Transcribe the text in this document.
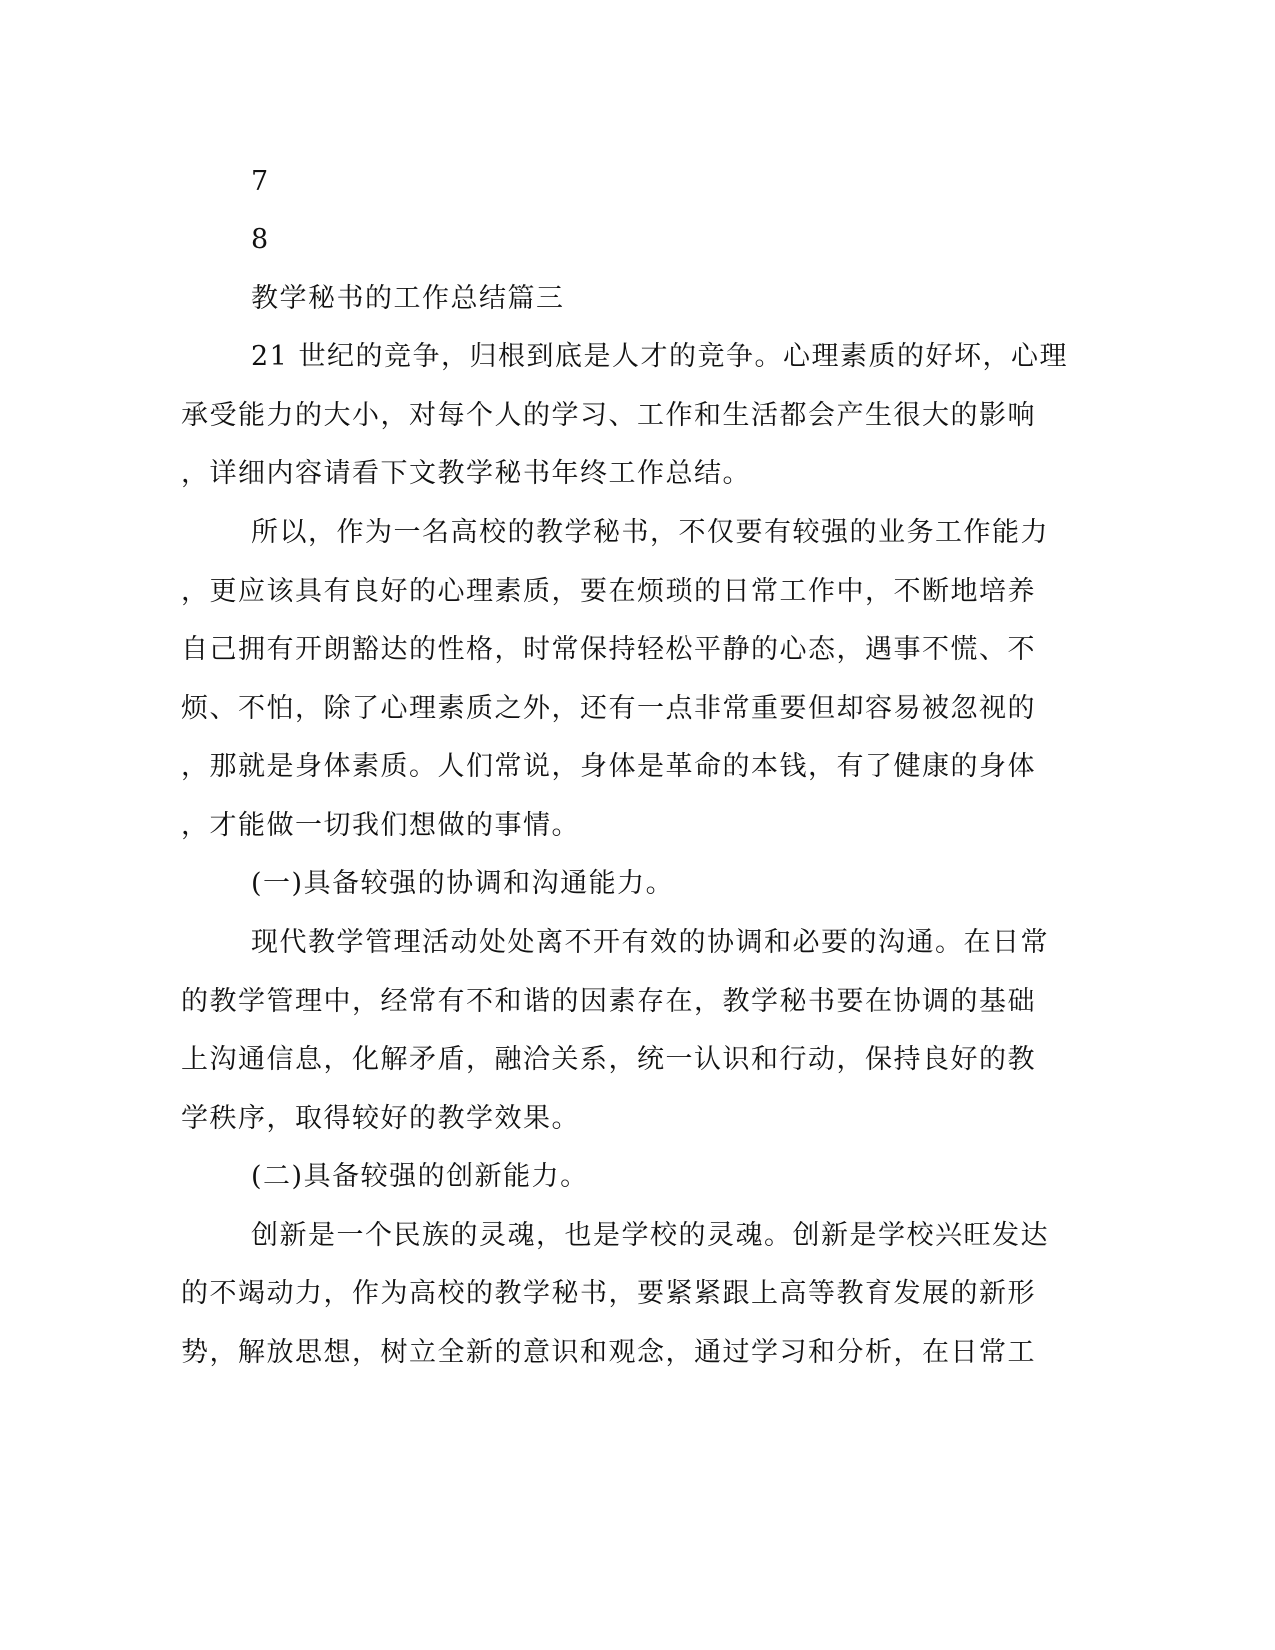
7
8
教学秘书的工作总结篇三
21 世纪的竞争，归根到底是人才的竞争。心理素质的好坏，心理
承受能力的大小，对每个人的学习、工作和生活都会产生很大的影响
，详细内容请看下文教学秘书年终工作总结。
所以，作为一名高校的教学秘书，不仅要有较强的业务工作能力
，更应该具有良好的心理素质，要在烦琐的日常工作中，不断地培养
自己拥有开朗豁达的性格，时常保持轻松平静的心态，遇事不慌、不
烦、不怕，除了心理素质之外，还有一点非常重要但却容易被忽视的
，那就是身体素质。人们常说，身体是革命的本钱，有了健康的身体
，才能做一切我们想做的事情。
(一)具备较强的协调和沟通能力。
现代教学管理活动处处离不开有效的协调和必要的沟通。在日常
的教学管理中，经常有不和谐的因素存在，教学秘书要在协调的基础
上沟通信息，化解矛盾，融洽关系，统一认识和行动，保持良好的教
学秩序，取得较好的教学效果。
(二)具备较强的创新能力。
创新是一个民族的灵魂，也是学校的灵魂。创新是学校兴旺发达
的不竭动力，作为高校的教学秘书，要紧紧跟上高等教育发展的新形
势，解放思想，树立全新的意识和观念，通过学习和分析，在日常工
